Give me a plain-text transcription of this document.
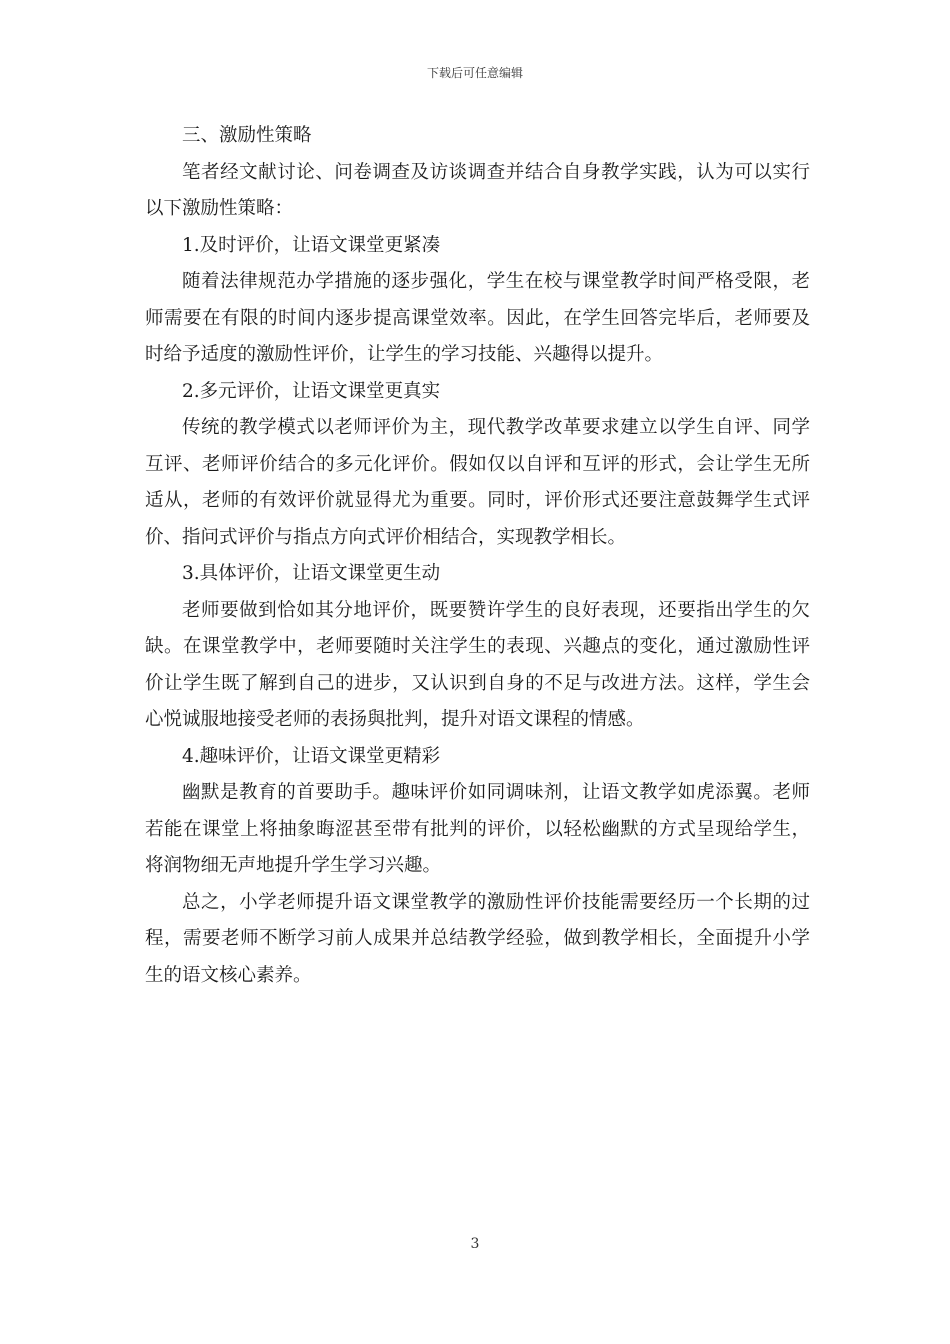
下载后可任意编辑

三、激励性策略

笔者经文献讨论、问卷调查及访谈调查并结合自身教学实践，认为可以实行以下激励性策略：

1.及时评价，让语文课堂更紧凑

随着法律规范办学措施的逐步强化，学生在校与课堂教学时间严格受限，老师需要在有限的时间内逐步提高课堂效率。因此，在学生回答完毕后，老师要及时给予适度的激励性评价，让学生的学习技能、兴趣得以提升。

2.多元评价，让语文课堂更真实

传统的教学模式以老师评价为主，现代教学改革要求建立以学生自评、同学互评、老师评价结合的多元化评价。假如仅以自评和互评的形式，会让学生无所适从，老师的有效评价就显得尤为重要。同时，评价形式还要注意鼓舞学生式评价、指问式评价与指点方向式评价相结合，实现教学相长。

3.具体评价，让语文课堂更生动

老师要做到恰如其分地评价，既要赞许学生的良好表现，还要指出学生的欠缺。在课堂教学中，老师要随时关注学生的表现、兴趣点的变化，通过激励性评价让学生既了解到自己的进步，又认识到自身的不足与改进方法。这样，学生会心悦诚服地接受老师的表扬與批判，提升对语文课程的情感。

4.趣味评价，让语文课堂更精彩

幽默是教育的首要助手。趣味评价如同调味剂，让语文教学如虎添翼。老师若能在课堂上将抽象晦涩甚至带有批判的评价，以轻松幽默的方式呈现给学生，将润物细无声地提升学生学习兴趣。

总之，小学老师提升语文课堂教学的激励性评价技能需要经历一个长期的过程，需要老师不断学习前人成果并总结教学经验，做到教学相长，全面提升小学生的语文核心素养。

3
